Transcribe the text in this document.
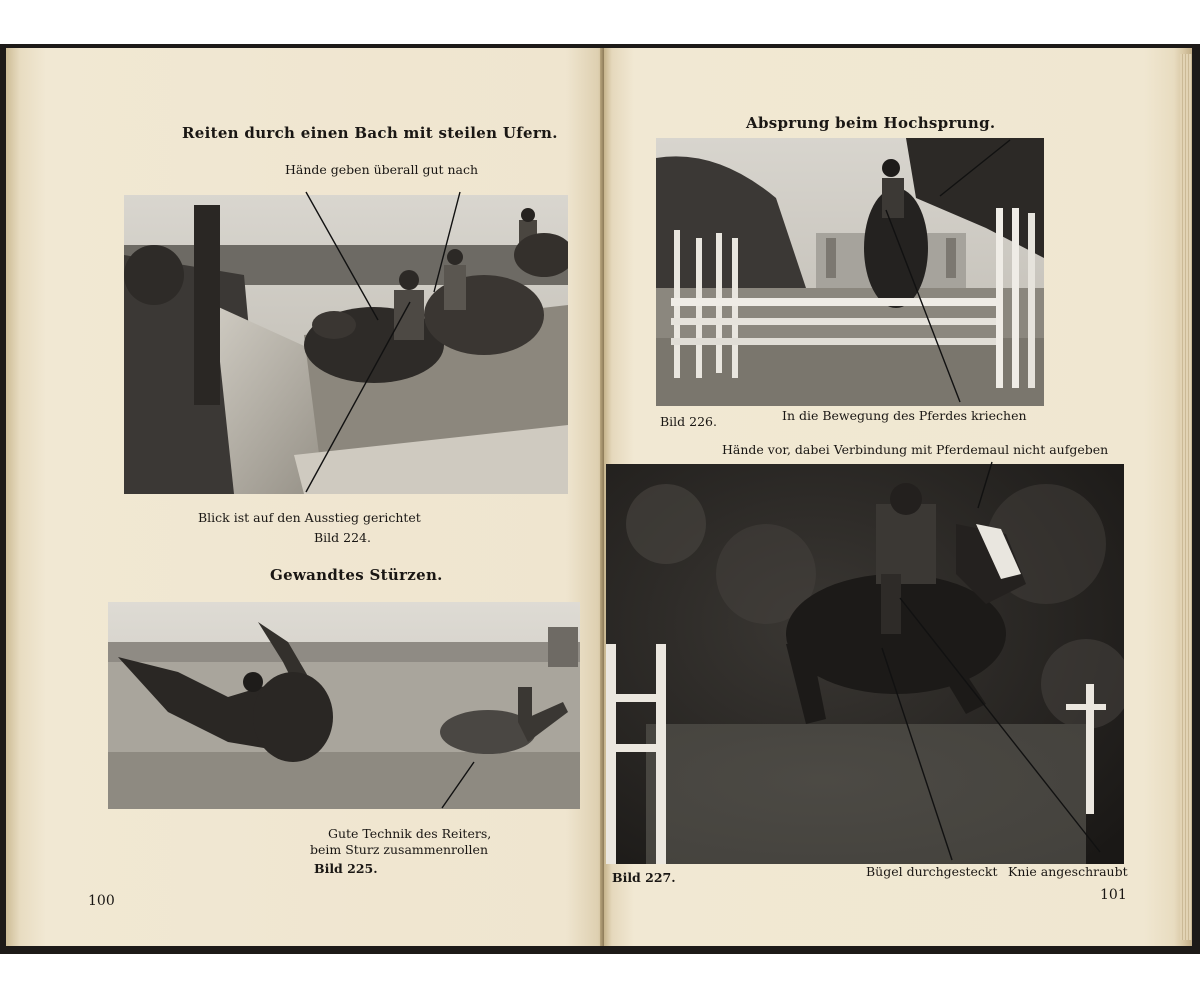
Reiten durch einen Bach mit steilen Ufern.
Hände geben überall gut nach
Blick ist auf den Ausstieg gerichtet
Bild 224.
Gewandtes Stürzen.
Gute Technik des Reiters,
beim Sturz zusammenrollen
Bild 225.
100
Absprung beim Hochsprung.
Bild 226.	In die Bewegung des Pferdes kriechen
Hände vor, dabei Verbindung mit Pferdemaul nicht aufgeben
Bild 227.	Bügel durchgesteckt Knie angeschraubt
101
